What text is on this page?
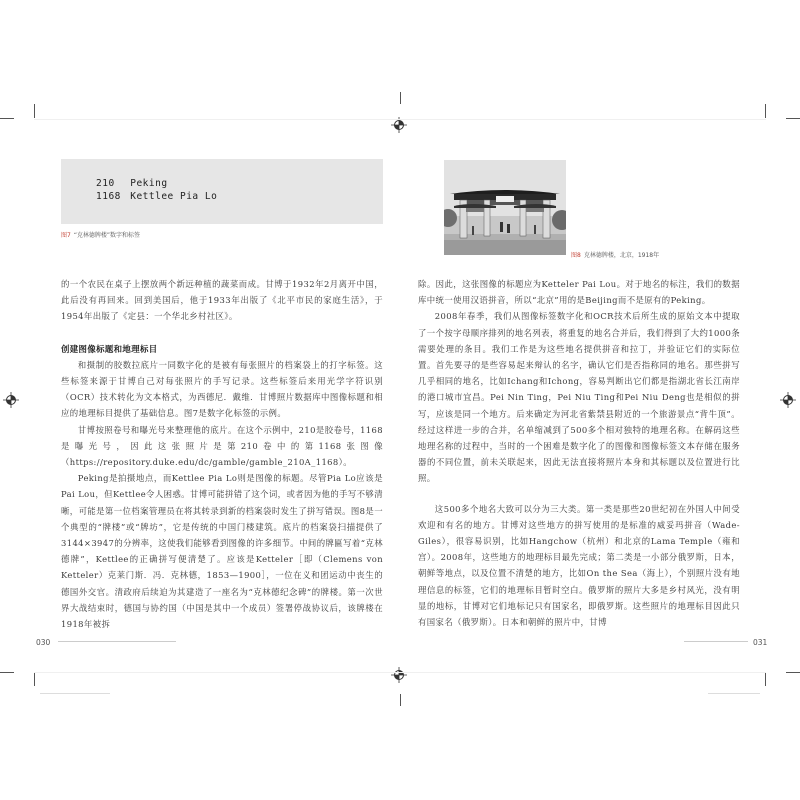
210 Peking
1168 Kettlee Pia Lo
图7 “克林德牌楼”数字和标签

的一个农民在桌子上摆放两个新远种植的蔬菜而成。甘博于1932年2月离开中国，此后没有再回来。回到美国后，他于1933年出版了《北平市民的家庭生活》，于1954年出版了《定县：一个华北乡村社区》。

创建图像标题和地理标目

和摄制的胶数拉底片一同数字化的是被有每张照片的档案袋上的打字标签。这些标签来源于甘博自己对每张照片的手写记录。这些标签后来用光学字符识别（OCR）技术转化为文本格式，为西德尼．戴维．甘博照片数据库中图像标题和相应的地理标目提供了基础信息。图7是数字化标签的示例。

甘博按照卷号和曝光号来整理他的底片。在这个示例中，210是胶卷号，1168是曝光号，因此这张照片是第210卷中的第1168张图像（https://repository.duke.edu/dc/gamble/gamble_210A_1168）。

Peking是拍摄地点，而Kettlee Pia Lo则是图像的标题。尽管Pia Lo应该是Pai Lou，但Kettlee令人困惑。甘博可能拼错了这个词，或者因为他的手写不够清晰，可能是第一位档案管理员在将其转录到新的档案袋时发生了拼写错误。图8是一个典型的“牌楼”或“牌坊”，它是传统的中国门楼建筑。底片的档案袋扫描提供了3144×3947的分辨率，这使我们能够看到图像的许多细节。中间的牌匾写着“克林德牌”，Kettlee的正确拼写便清楚了。应该是Ketteler［即（Clemens von Ketteler）克莱门斯．冯．克林德，1853—1900］，一位在义和团运动中丧生的德国外交官。清政府后续迫为其建造了一座名为“克林德纪念碑”的牌楼。第一次世界大战结束时，德国与协约国（中国是其中一个成员）签署停战协议后，该牌楼在1918年被拆

030
图8 克林德牌楼，北京，1918年

除。因此，这张图像的标题应为Ketteler Pai Lou。对于地名的标注，我们的数据库中统一使用汉语拼音，所以“北京”用的是Beijing而不是原有的Peking。

2008年春季，我们从图像标签数字化和OCR技术后所生成的原始文本中提取了一个按字母顺序排列的地名列表，将重复的地名合并后，我们得到了大约1000条需要处理的条目。我们工作是为这些地名提供拼音和拉丁，并验证它们的实际位置。首先要寻的是些容易起来辩认的名字，确认它们是否指称同的地名。那些拼写几乎相同的地名，比如Ichang和Ichong，容易判断出它们都是指湖北省长江南岸的港口城市宜昌。Pei Nin Ting，Pei Niu Ting和Pei Niu Deng也是相似的拼写，应该是同一个地方。后来确定为河北省紫禁县附近的一个旅游景点“背牛顶”。经过这样进一步的合并，名单缩减到了500多个相对独特的地理名称。在解码这些地理名称的过程中，当时的一个困难是数字化了的图像和图像标签文本存储在服务器的不同位置，前未关联起来，因此无法直接将照片本身和其标题以及位置进行比照。

这500多个地名大致可以分为三大类。第一类是那些20世纪初在外国人中间受欢迎和有名的地方。甘博对这些地方的拼写使用的是标准的威妥玛拼音（Wade-Giles），很容易识别，比如Hangchow（杭州）和北京的Lama Temple（雍和宫）。2008年，这些地方的地理标目最先完成；第二类是一小部分俄罗斯，日本，朝鲜等地点，以及位置不清楚的地方，比如On the Sea（海上），个别照片没有地理信息的标签，它们的地理标目暂时空白。俄罗斯的照片大多是乡村风光，没有明显的地标，甘博对它们地标记只有国家名，即俄罗斯。这些照片的地理标目因此只有国家名（俄罗斯）。日本和朝鲜的照片中，甘博

031
